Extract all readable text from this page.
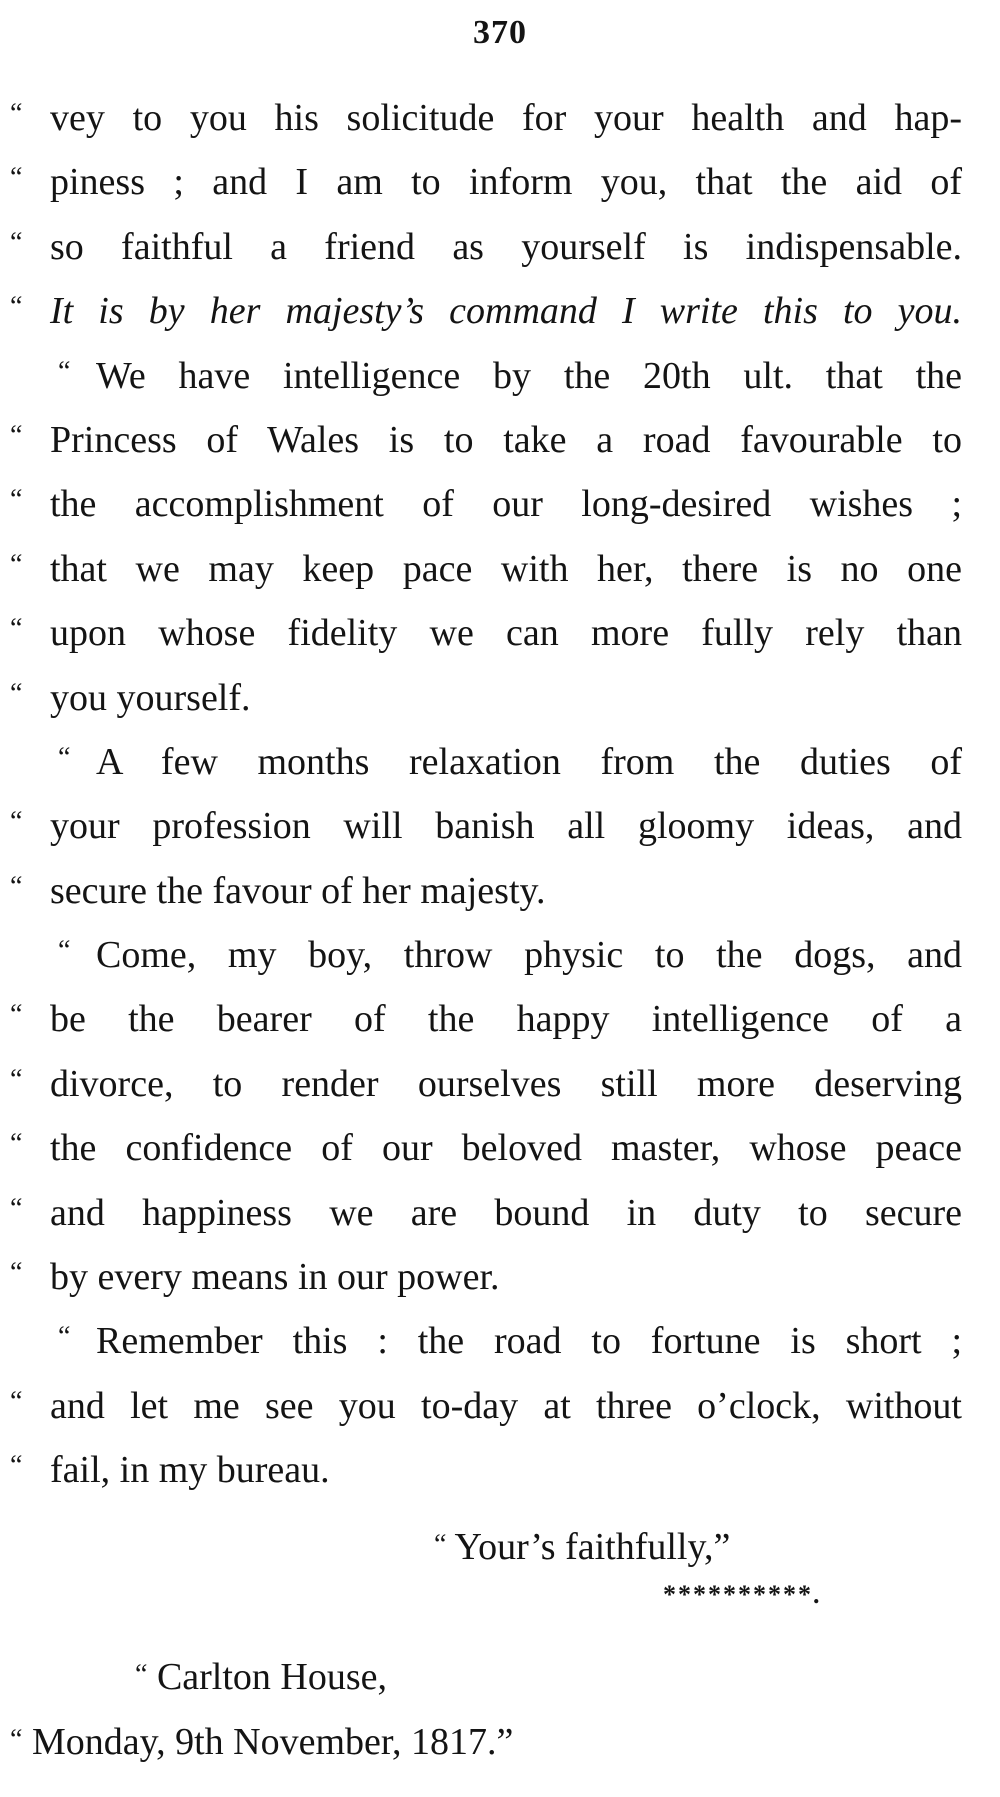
370
“ vey to you his solicitude for your health and hap-
“ piness ; and I am to inform you, that the aid of
“ so faithful a friend as yourself is indispensable.
“ It is by her majesty’s command I write this to you.
“ We have intelligence by the 20th ult. that the
“ Princess of Wales is to take a road favourable to
“ the accomplishment of our long-desired wishes ;
“ that we may keep pace with her, there is no one
“ upon whose fidelity we can more fully rely than
“ you yourself.
“ A few months relaxation from the duties of
“ your profession will banish all gloomy ideas, and
“ secure the favour of her majesty.
“ Come, my boy, throw physic to the dogs, and
“ be the bearer of the happy intelligence of a
“ divorce, to render ourselves still more deserving
“ the confidence of our beloved master, whose peace
“ and happiness we are bound in duty to secure
“ by every means in our power.
“ Remember this : the road to fortune is short ;
“ and let me see you to-day at three o’clock, without
“ fail, in my bureau.
“ Your’s faithfully,”
**********.
“ Carlton House,
“ Monday, 9th November, 1817.”
